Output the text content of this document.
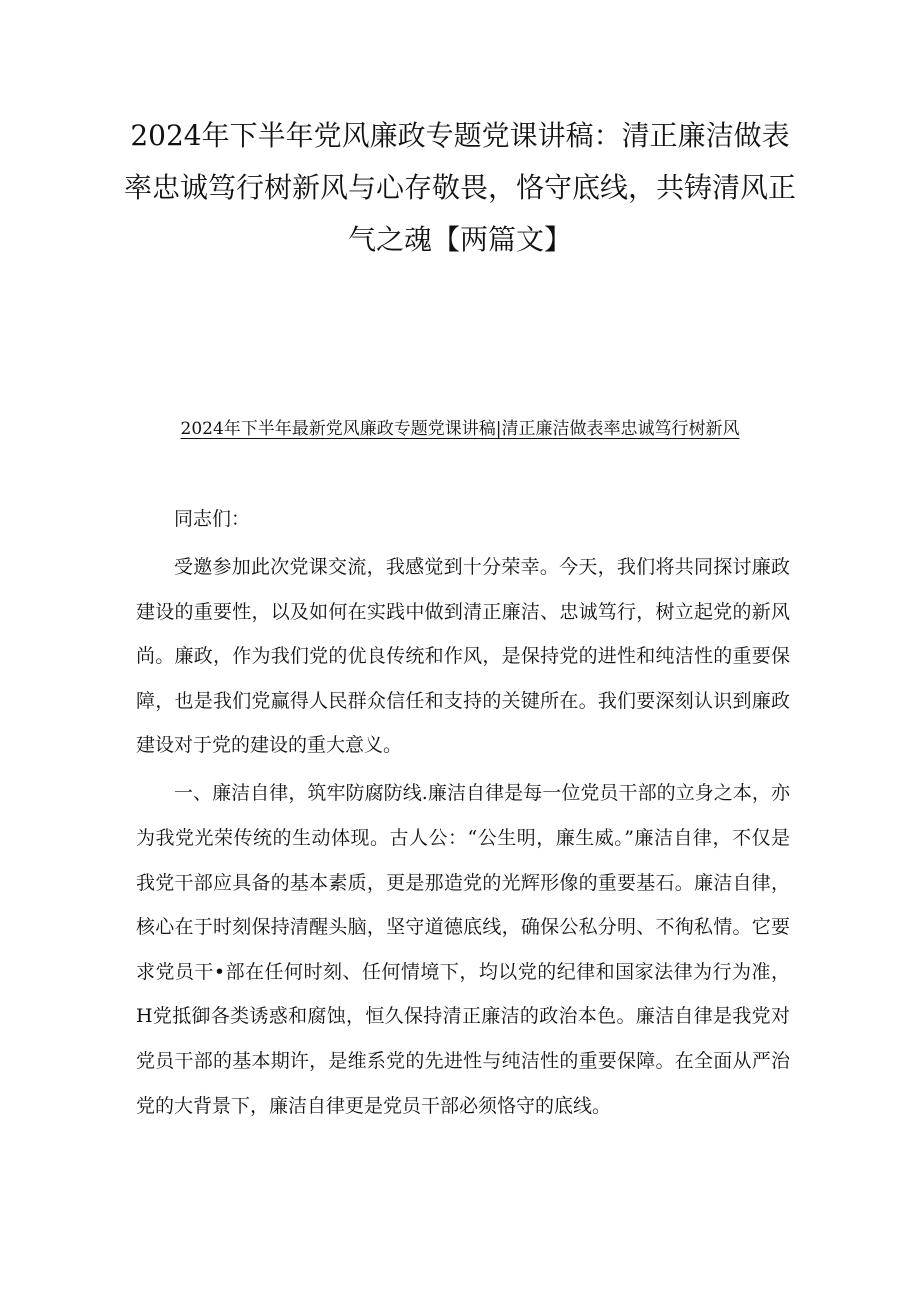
2024年下半年党风廉政专题党课讲稿：清正廉洁做表率忠诚笃行树新风与心存敬畏，恪守底线，共铸清风正气之魂【两篇文】
2024年下半年最新党风廉政专题党课讲稿|清正廉洁做表率忠诚笃行树新风

同志们：

受邀参加此次党课交流，我感觉到十分荣幸。今天，我们将共同探讨廉政建设的重要性，以及如何在实践中做到清正廉洁、忠诚笃行，树立起党的新风尚。廉政，作为我们党的优良传统和作风，是保持党的进性和纯洁性的重要保障，也是我们党赢得人民群众信任和支持的关键所在。我们要深刻认识到廉政建设对于党的建设的重大意义。

一、廉洁自律，筑牢防腐防线.廉洁自律是每一位党员干部的立身之本，亦为我党光荣传统的生动体现。古人公：“公生明，廉生威。”廉洁自律，不仅是我党干部应具备的基本素质，更是那造党的光辉形像的重要基石。廉洁自律，核心在于时刻保持清醒头脑，坚守道德底线，确保公私分明、不徇私情。它要求党员干•部在任何时刻、任何情境下，均以党的纪律和国家法律为行为准，H党抵御各类诱惑和腐蚀，恒久保持清正廉洁的政治本色。廉洁自律是我党对党员干部的基本期许，是维系党的先进性与纯洁性的重要保障。在全面从严治党的大背景下，廉洁自律更是党员干部必须恪守的底线。
